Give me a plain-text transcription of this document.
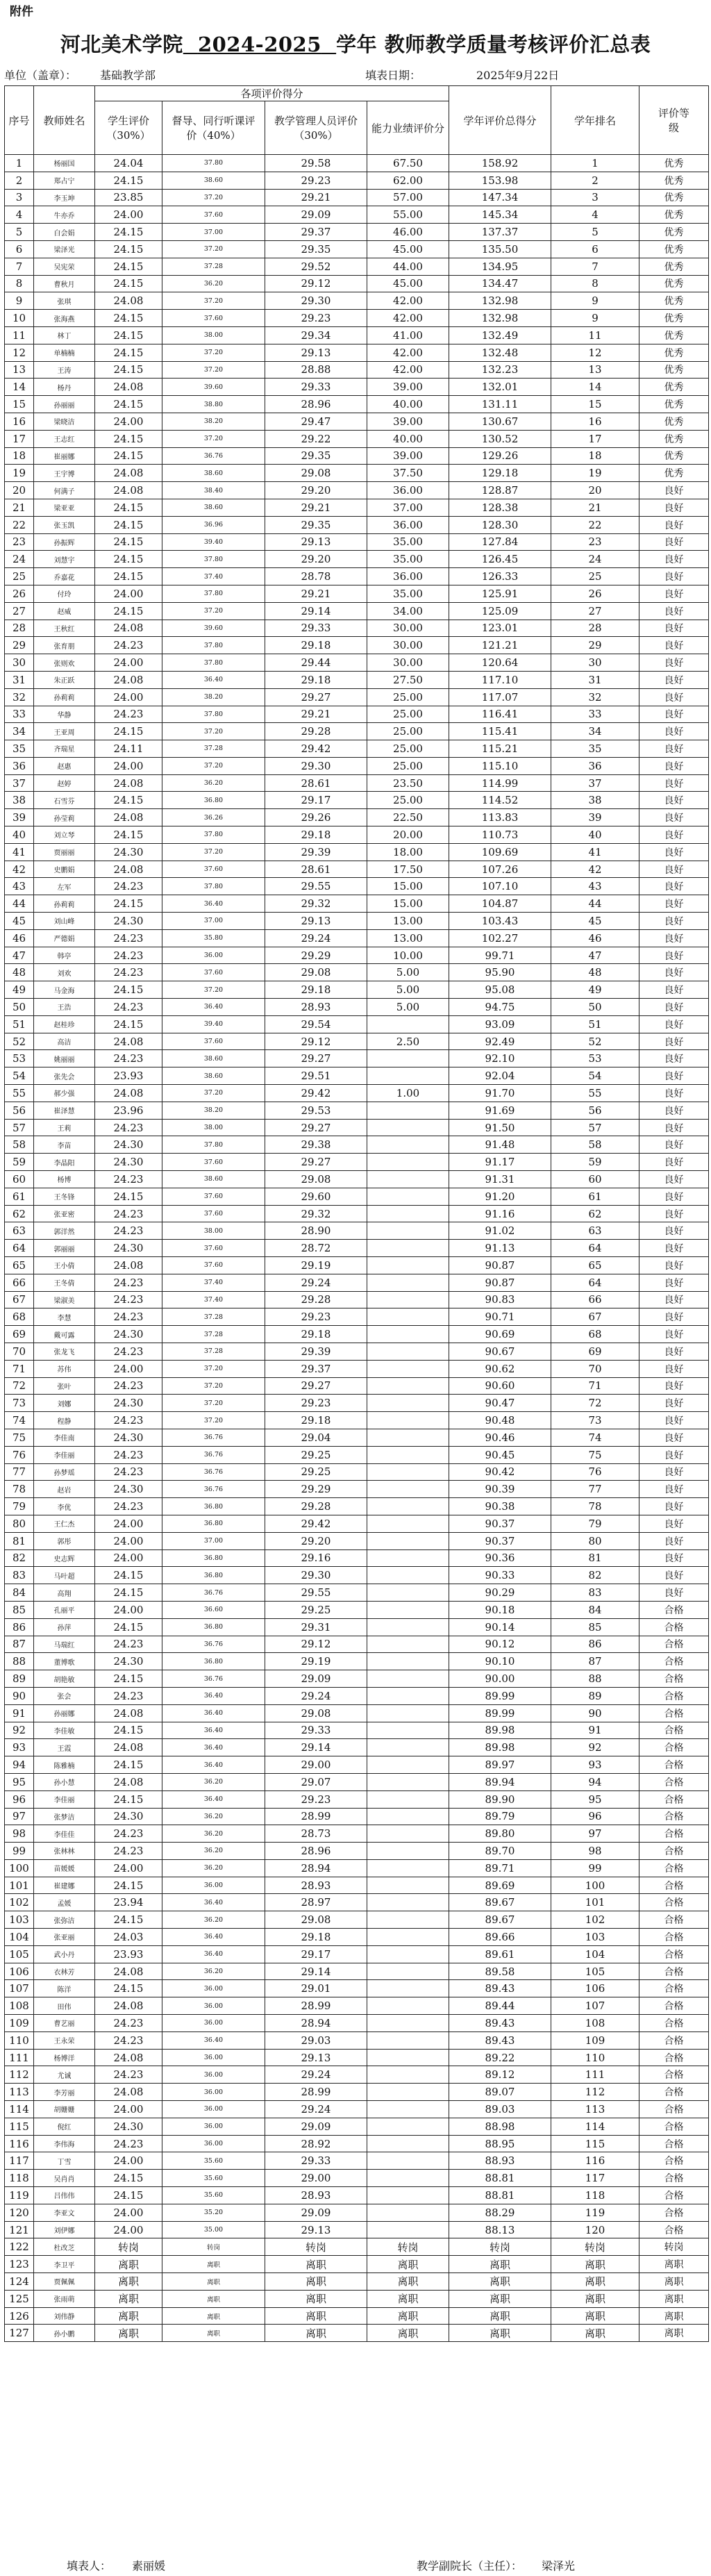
附件
河北美术学院 2024-2025 学年 教师教学质量考核评价汇总表
单位（盖章）： 基础教学部	填表日期：	2025年9月22日
序号	教师姓名	各项评价得分				学年评价总得分	学年排名	评价等级
		学生评价（30%）	督导、同行听课评价（40%）	教学管理人员评价（30%）	能力业绩评价分			
1	杨丽国	24.04	37.80	29.58	67.50	158.92	1	优秀
2	郑占宁	24.15	38.60	29.23	62.00	153.98	2	优秀
3	李玉坤	23.85	37.20	29.21	57.00	147.34	3	优秀
4	牛亦乔	24.00	37.60	29.09	55.00	145.34	4	优秀
5	白会娟	24.15	37.00	29.37	46.00	137.37	5	优秀
6	梁泽光	24.15	37.20	29.35	45.00	135.50	6	优秀
7	吴宪荣	24.15	37.28	29.52	44.00	134.95	7	优秀
8	曹秋月	24.15	36.20	29.12	45.00	134.47	8	优秀
9	张琪	24.08	37.20	29.30	42.00	132.98	9	优秀
10	张海燕	24.15	37.60	29.23	42.00	132.98	9	优秀
11	林丁	24.15	38.00	29.34	41.00	132.49	11	优秀
12	单楠楠	24.15	37.20	29.13	42.00	132.48	12	优秀
13	王涛	24.15	37.20	28.88	42.00	132.23	13	优秀
14	杨丹	24.08	39.60	29.33	39.00	132.01	14	优秀
15	孙丽丽	24.15	38.80	28.96	40.00	131.11	15	优秀
16	梁晓洁	24.00	38.20	29.47	39.00	130.67	16	优秀
17	王志红	24.15	37.20	29.22	40.00	130.52	17	优秀
18	崔丽娜	24.15	36.76	29.35	39.00	129.26	18	优秀
19	王宇博	24.08	38.60	29.08	37.50	129.18	19	优秀
20	何满子	24.08	38.40	29.20	36.00	128.87	20	良好
21	梁亚亚	24.15	38.60	29.21	37.00	128.38	21	良好
22	张玉凯	24.15	36.96	29.35	36.00	128.30	22	良好
23	孙振辉	24.15	39.40	29.13	35.00	127.84	23	良好
24	刘慧宇	24.15	37.80	29.20	35.00	126.45	24	良好
25	乔嘉花	24.15	37.40	28.78	36.00	126.33	25	良好
26	付玲	24.00	37.80	29.21	35.00	125.91	26	良好
27	赵威	24.15	37.20	29.14	34.00	125.09	27	良好
28	王秋红	24.08	39.60	29.33	30.00	123.01	28	良好
29	张育朋	24.23	37.80	29.18	30.00	121.21	29	良好
30	张则欢	24.00	37.80	29.44	30.00	120.64	30	良好
31	朱正跃	24.08	36.40	29.18	27.50	117.10	31	良好
32	孙莉莉	24.00	38.20	29.27	25.00	117.07	32	良好
33	华静	24.23	37.80	29.21	25.00	116.41	33	良好
34	王亚周	24.15	37.20	29.28	25.00	115.41	34	良好
35	齐瑞星	24.11	37.28	29.42	25.00	115.21	35	良好
36	赵惠	24.00	37.20	29.30	25.00	115.10	36	良好
37	赵婷	24.08	36.20	28.61	23.50	114.99	37	良好
38	石雪芬	24.15	36.80	29.17	25.00	114.52	38	良好
39	孙莹莉	24.08	36.26	29.26	22.50	113.83	39	良好
40	刘立琴	24.15	37.80	29.18	20.00	110.73	40	良好
41	贾丽丽	24.30	37.20	29.39	18.00	109.69	41	良好
42	史鹏娟	24.08	37.60	28.61	17.50	107.26	42	良好
43	左军	24.23	37.80	29.55	15.00	107.10	43	良好
44	孙莉莉	24.15	36.40	29.32	15.00	104.87	44	良好
45	刘山峰	24.30	37.00	29.13	13.00	103.43	45	良好
46	严德娟	24.23	35.80	29.24	13.00	102.27	46	良好
47	韩亭	24.23	36.00	29.29	10.00	99.71	47	良好
48	刘欢	24.23	37.60	29.08	5.00	95.90	48	良好
49	马金海	24.15	37.20	29.18	5.00	95.08	49	良好
50	王浩	24.23	36.40	28.93	5.00	94.75	50	良好
51	赵桂珍	24.15	39.40	29.54		93.09	51	良好
52	高洁	24.08	37.60	29.12	2.50	92.49	52	良好
53	姚丽丽	24.23	38.60	29.27		92.10	53	良好
54	张先会	23.93	38.60	29.51		92.04	54	良好
55	郝少强	24.08	37.20	29.42	1.00	91.70	55	良好
56	崔泽慧	23.96	38.20	29.53		91.69	56	良好
57	王莉	24.23	38.00	29.27		91.50	57	良好
58	李苗	24.30	37.80	29.38		91.48	58	良好
59	李晶阳	24.30	37.60	29.27		91.17	59	良好
60	杨博	24.23	38.60	29.08		91.31	60	良好
61	王冬锋	24.15	37.60	29.60		91.20	61	良好
62	张亚密	24.23	37.60	29.32		91.16	62	良好
63	郭洋然	24.23	38.00	28.90		91.02	63	良好
64	郭丽丽	24.30	37.60	28.72		91.13	64	良好
65	王小倩	24.08	37.60	29.19		90.87	65	良好
66	王冬倩	24.23	37.40	29.24		90.87	64	良好
67	梁淑美	24.23	37.40	29.28		90.83	66	良好
68	李慧	24.23	37.28	29.23		90.71	67	良好
69	戴可露	24.30	37.28	29.18		90.69	68	良好
70	张龙飞	24.23	37.28	29.39		90.67	69	良好
71	苏伟	24.00	37.20	29.37		90.62	70	良好
72	张叶	24.23	37.20	29.27		90.60	71	良好
73	刘娜	24.30	37.20	29.23		90.47	72	良好
74	程静	24.23	37.20	29.18		90.48	73	良好
75	李佳南	24.30	36.76	29.04		90.46	74	良好
76	李佳丽	24.23	36.76	29.25		90.45	75	良好
77	孙梦瑶	24.23	36.76	29.25		90.42	76	良好
78	赵岩	24.30	36.76	29.29		90.39	77	良好
79	李优	24.23	36.80	29.28		90.38	78	良好
80	王仁杰	24.00	36.80	29.42		90.37	79	良好
81	郭彤	24.00	37.00	29.20		90.37	80	良好
82	史志辉	24.00	36.80	29.16		90.36	81	良好
83	马叶超	24.15	36.80	29.30		90.33	82	良好
84	高翔	24.15	36.76	29.55		90.29	83	良好
85	孔丽平	24.00	36.60	29.25		90.18	84	合格
86	孙萍	24.15	36.80	29.31		90.14	85	合格
87	马瑞红	24.23	36.76	29.12		90.12	86	合格
88	董博歌	24.30	36.80	29.19		90.10	87	合格
89	胡艳敏	24.15	36.76	29.09		90.00	88	合格
90	张会	24.23	36.40	29.24		89.99	89	合格
91	孙丽娜	24.08	36.40	29.08		89.99	90	合格
92	李佳敏	24.15	36.40	29.33		89.98	91	合格
93	王霞	24.08	36.40	29.14		89.98	92	合格
94	陈雅楠	24.15	36.40	29.00		89.97	93	合格
95	孙小慧	24.08	36.20	29.07		89.94	94	合格
96	李佳丽	24.15	36.40	29.23		89.90	95	合格
97	张梦洁	24.30	36.20	28.99		89.79	96	合格
98	李佳佳	24.23	36.20	28.73		89.80	97	合格
99	张林林	24.23	36.20	28.96		89.70	98	合格
100	苗媛媛	24.00	36.20	28.94		89.71	99	合格
101	崔建娜	24.15	36.00	28.93		89.69	100	合格
102	孟媛	23.94	36.40	28.97		89.67	101	合格
103	张弥洁	24.15	36.20	29.08		89.67	102	合格
104	张亚丽	24.03	36.40	29.18		89.66	103	合格
105	武小丹	23.93	36.40	29.17		89.61	104	合格
106	衣林芳	24.08	36.20	29.14		89.58	105	合格
107	陈洋	24.15	36.00	29.01		89.43	106	合格
108	田伟	24.08	36.00	28.99		89.44	107	合格
109	曹艺丽	24.23	36.00	28.94		89.43	108	合格
110	王永荣	24.23	36.40	29.03		89.43	109	合格
111	杨博洋	24.08	36.00	29.13		89.22	110	合格
112	尤诚	24.23	36.00	29.24		89.12	111	合格
113	李芳丽	24.08	36.00	28.99		89.07	112	合格
114	胡姗姗	24.00	36.00	29.24		89.03	113	合格
115	倪红	24.30	36.00	29.09		88.98	114	合格
116	李伟海	24.23	36.00	28.92		88.95	115	合格
117	丁雪	24.00	35.60	29.33		88.93	116	合格
118	吴肖肖	24.15	35.60	29.00		88.81	117	合格
119	吕伟伟	24.15	35.60	28.93		88.81	118	合格
120	李亚文	24.00	35.20	29.09		88.29	119	合格
121	刘伊娜	24.00	35.00	29.13		88.13	120	合格
122	杜改芝	转岗	转岗	转岗	转岗	转岗	转岗	转岗
123	李卫平	离职	离职	离职	离职	离职	离职	离职
124	贾佩佩	离职	离职	离职	离职	离职	离职	离职
125	张雨萌	离职	离职	离职	离职	离职	离职	离职
126	刘伟静	离职	离职	离职	离职	离职	离职	离职
127	孙小鹏	离职	离职	离职	离职	离职	离职	离职
填表人： 素丽媛	教学副院长（主任）： 梁泽光
